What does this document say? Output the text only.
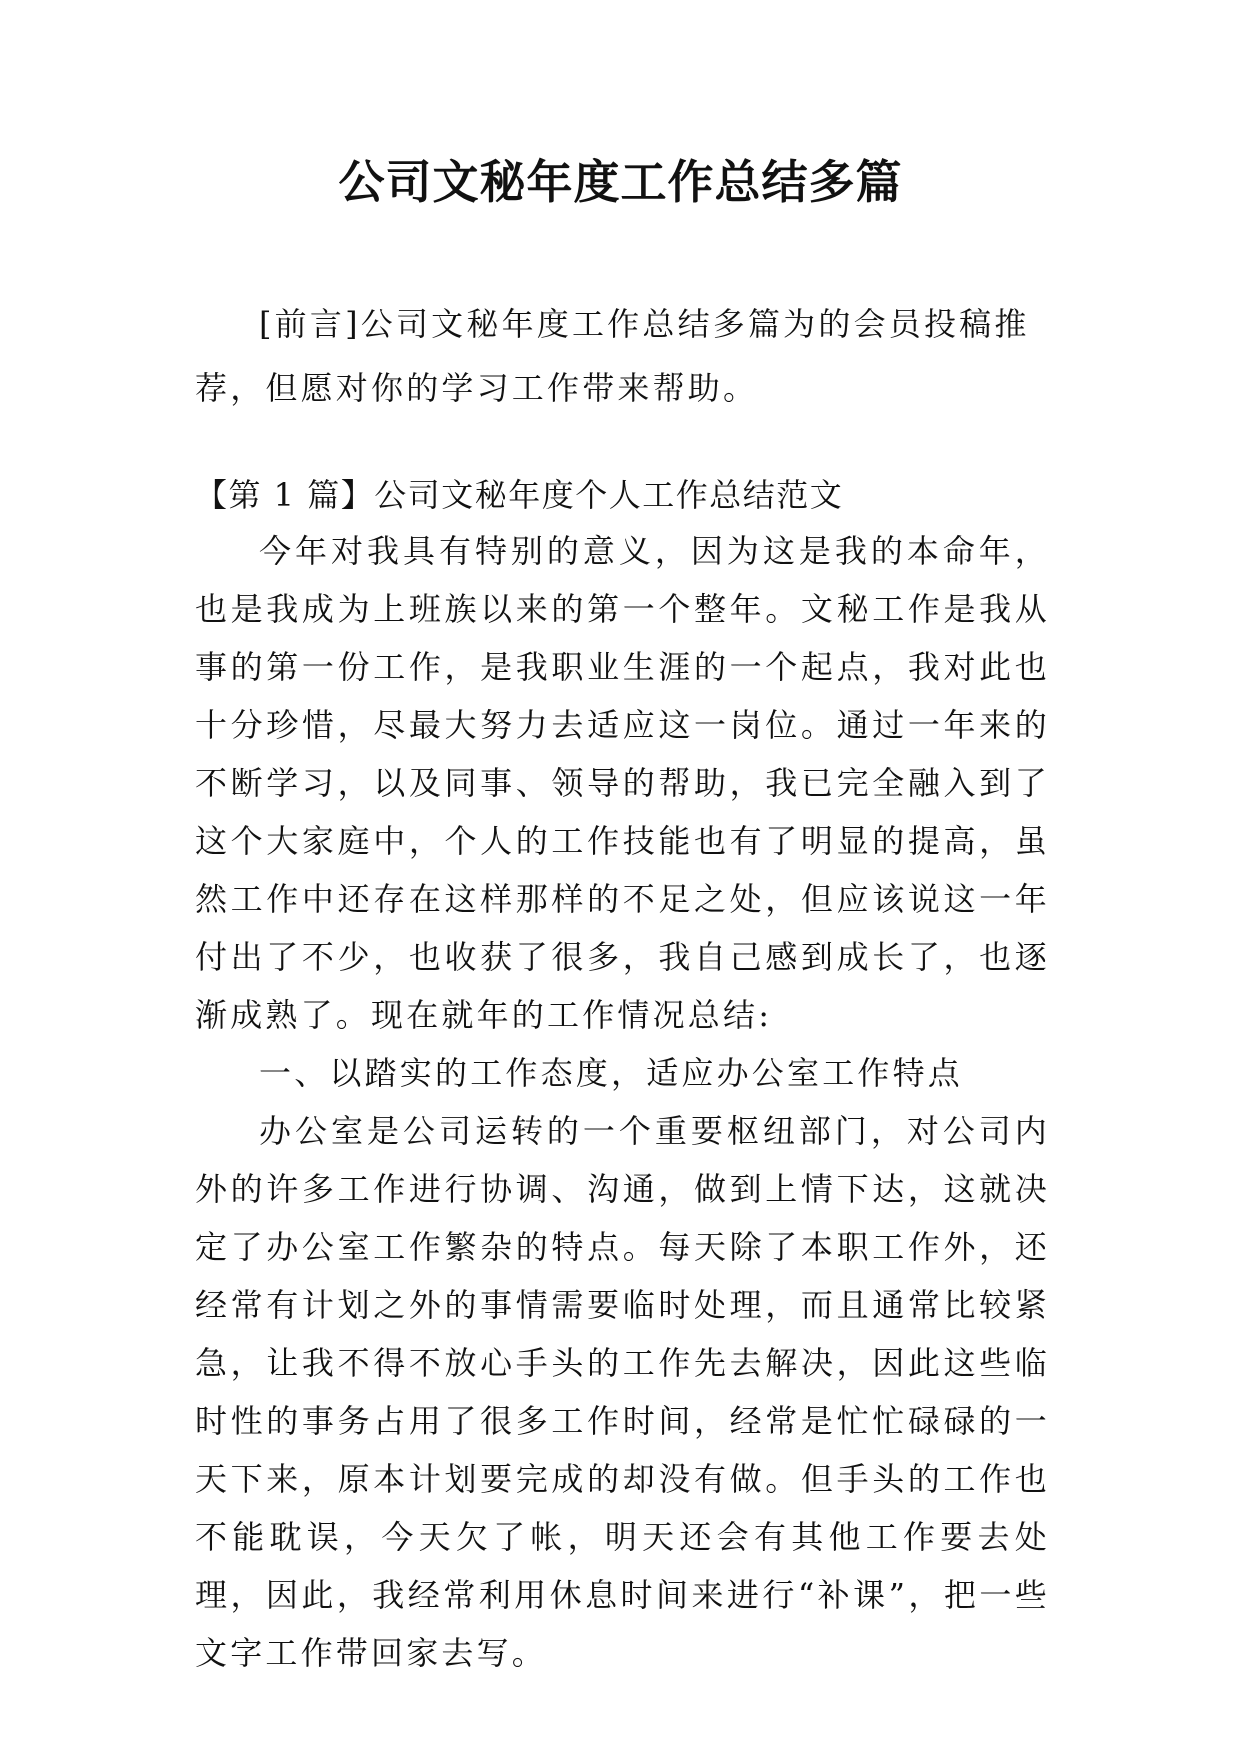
公司文秘年度工作总结多篇
[前言]公司文秘年度工作总结多篇为的会员投稿推荐，但愿对你的学习工作带来帮助。
【第 1 篇】公司文秘年度个人工作总结范文

今年对我具有特别的意义，因为这是我的本命年，也是我成为上班族以来的第一个整年。文秘工作是我从事的第一份工作，是我职业生涯的一个起点，我对此也十分珍惜，尽最大努力去适应这一岗位。通过一年来的不断学习，以及同事、领导的帮助，我已完全融入到了这个大家庭中，个人的工作技能也有了明显的提高，虽然工作中还存在这样那样的不足之处，但应该说这一年付出了不少，也收获了很多，我自己感到成长了，也逐渐成熟了。现在就年的工作情况总结:

一、以踏实的工作态度，适应办公室工作特点

办公室是公司运转的一个重要枢纽部门，对公司内外的许多工作进行协调、沟通，做到上情下达，这就决定了办公室工作繁杂的特点。每天除了本职工作外，还经常有计划之外的事情需要临时处理，而且通常比较紧急，让我不得不放心手头的工作先去解决，因此这些临时性的事务占用了很多工作时间，经常是忙忙碌碌的一天下来，原本计划要完成的却没有做。但手头的工作也不能耽误，今天欠了帐，明天还会有其他工作要去处理，因此，我经常利用休息时间来进行“补课”，把一些文字工作带回家去写。
